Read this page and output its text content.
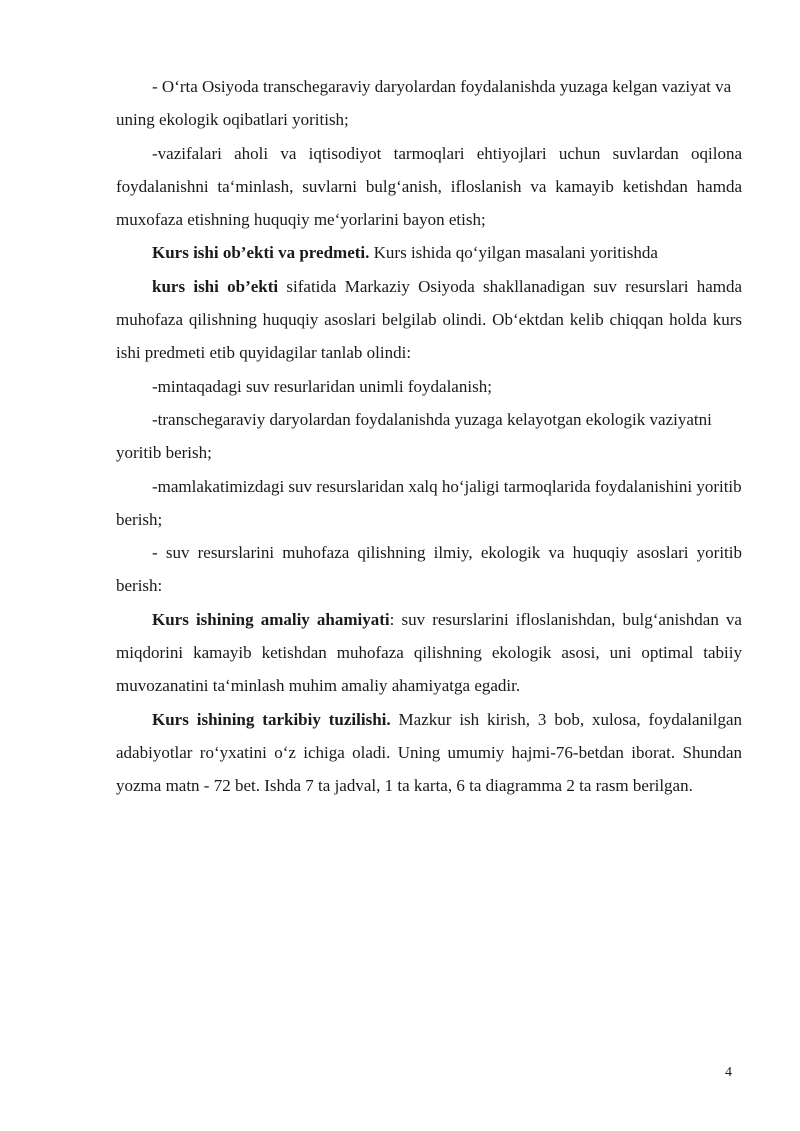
- O‘rta Osiyoda transchegaraviy daryolardan foydalanishda yuzaga kelgan vaziyat va uning ekologik oqibatlari yoritish;

-vazifalari aholi va iqtisodiyot tarmoqlari ehtiyojlari uchun suvlardan oqilona foydalanishni ta‘minlash, suvlarni bulg‘anish, ifloslanish va kamayib ketishdan hamda muxofaza etishning huquqiy me‘yorlarini bayon etish;

Kurs ishi ob’ekti va predmeti. Kurs ishida qo‘yilgan masalani yoritishda

kurs ishi ob’ekti sifatida Markaziy Osiyoda shakllanadigan suv resurslari hamda muhofaza qilishning huquqiy asoslari belgilab olindi. Ob‘ektdan kelib chiqqan holda kurs ishi predmeti etib quyidagilar tanlab olindi:

-mintaqadagi suv resurlaridan unimli foydalanish;

-transchegaraviy daryolardan foydalanishda yuzaga kelayotgan ekologik vaziyatni yoritib berish;

-mamlakatimizdagi suv resurslaridan xalq ho‘jaligi tarmoqlarida foydalanishini yoritib berish;

- suv resurslarini muhofaza qilishning ilmiy, ekologik va huquqiy asoslari yoritib berish:

Kurs ishining amaliy ahamiyati: suv resurslarini ifloslanishdan, bulg‘anishdan va miqdorini kamayib ketishdan muhofaza qilishning ekologik asosi, uni optimal tabiiy muvozanatini ta‘minlash muhim amaliy ahamiyatga egadir.

Kurs ishining tarkibiy tuzilishi. Mazkur ish kirish, 3 bob, xulosa, foydalanilgan adabiyotlar ro‘yxatini o‘z ichiga oladi. Uning umumiy hajmi-76-betdan iborat. Shundan yozma matn - 72 bet. Ishda 7 ta jadval, 1 ta karta, 6 ta diagramma 2 ta rasm berilgan.

4
